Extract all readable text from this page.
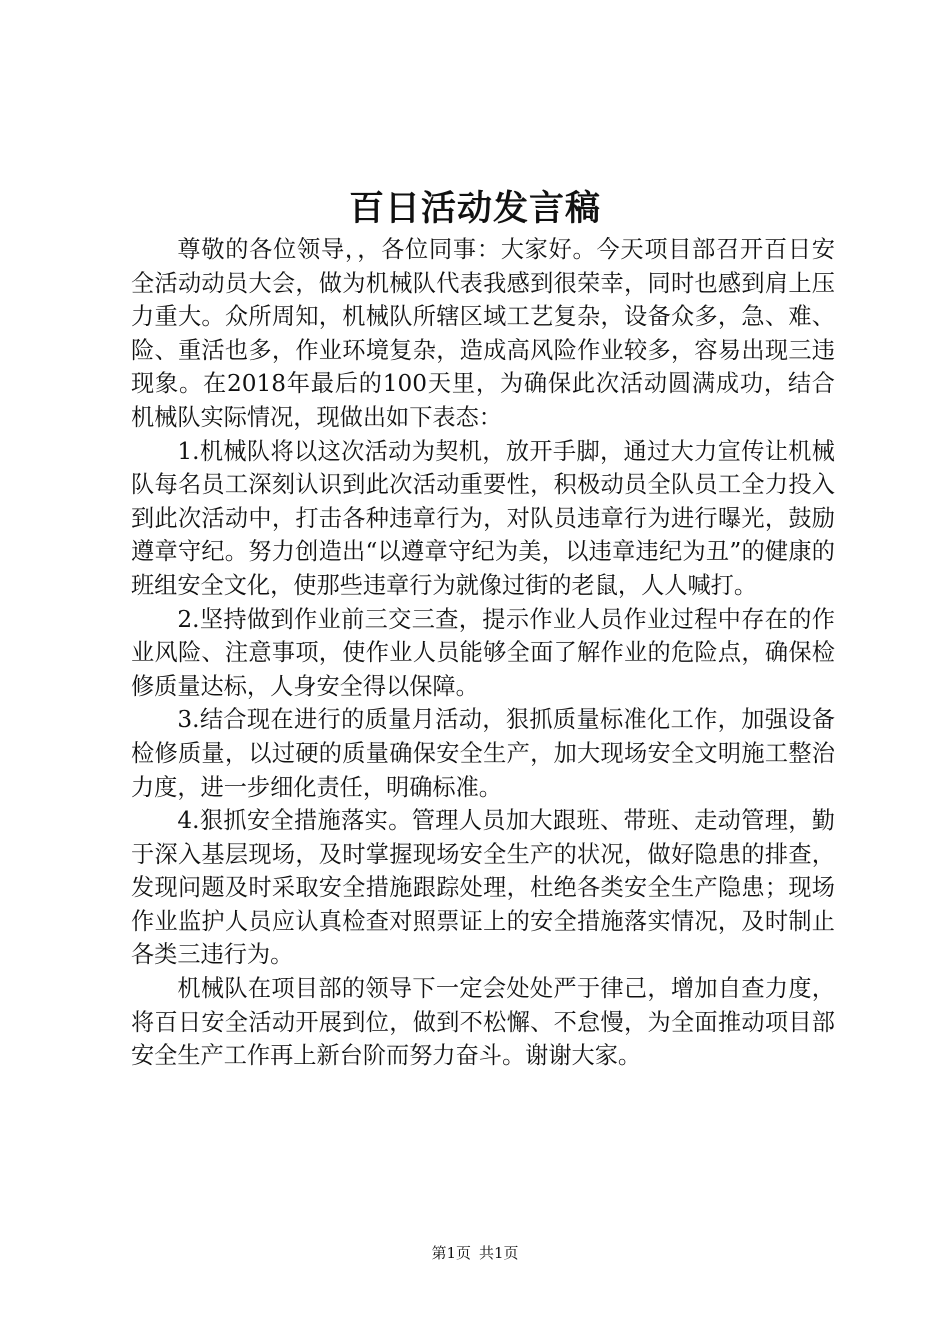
百日活动发言稿

尊敬的各位领导，，各位同事：大家好。今天项目部召开百日安全活动动员大会，做为机械队代表我感到很荣幸，同时也感到肩上压力重大。众所周知，机械队所辖区域工艺复杂，设备众多，急、难、险、重活也多，作业环境复杂，造成高风险作业较多，容易出现三违现象。在2018年最后的100天里，为确保此次活动圆满成功，结合机械队实际情况，现做出如下表态：

1.机械队将以这次活动为契机，放开手脚，通过大力宣传让机械队每名员工深刻认识到此次活动重要性，积极动员全队员工全力投入到此次活动中，打击各种违章行为，对队员违章行为进行曝光，鼓励遵章守纪。努力创造出“以遵章守纪为美，以违章违纪为丑”的健康的班组安全文化，使那些违章行为就像过街的老鼠，人人喊打。

2.坚持做到作业前三交三查，提示作业人员作业过程中存在的作业风险、注意事项，使作业人员能够全面了解作业的危险点，确保检修质量达标，人身安全得以保障。

3.结合现在进行的质量月活动，狠抓质量标准化工作，加强设备检修质量，以过硬的质量确保安全生产，加大现场安全文明施工整治力度，进一步细化责任，明确标准。

4.狠抓安全措施落实。管理人员加大跟班、带班、走动管理，勤于深入基层现场，及时掌握现场安全生产的状况，做好隐患的排查，发现问题及时采取安全措施跟踪处理，杜绝各类安全生产隐患；现场作业监护人员应认真检查对照票证上的安全措施落实情况，及时制止各类三违行为。

机械队在项目部的领导下一定会处处严于律己，增加自查力度，将百日安全活动开展到位，做到不松懈、不怠慢，为全面推动项目部安全生产工作再上新台阶而努力奋斗。谢谢大家。

第1页 共1页
